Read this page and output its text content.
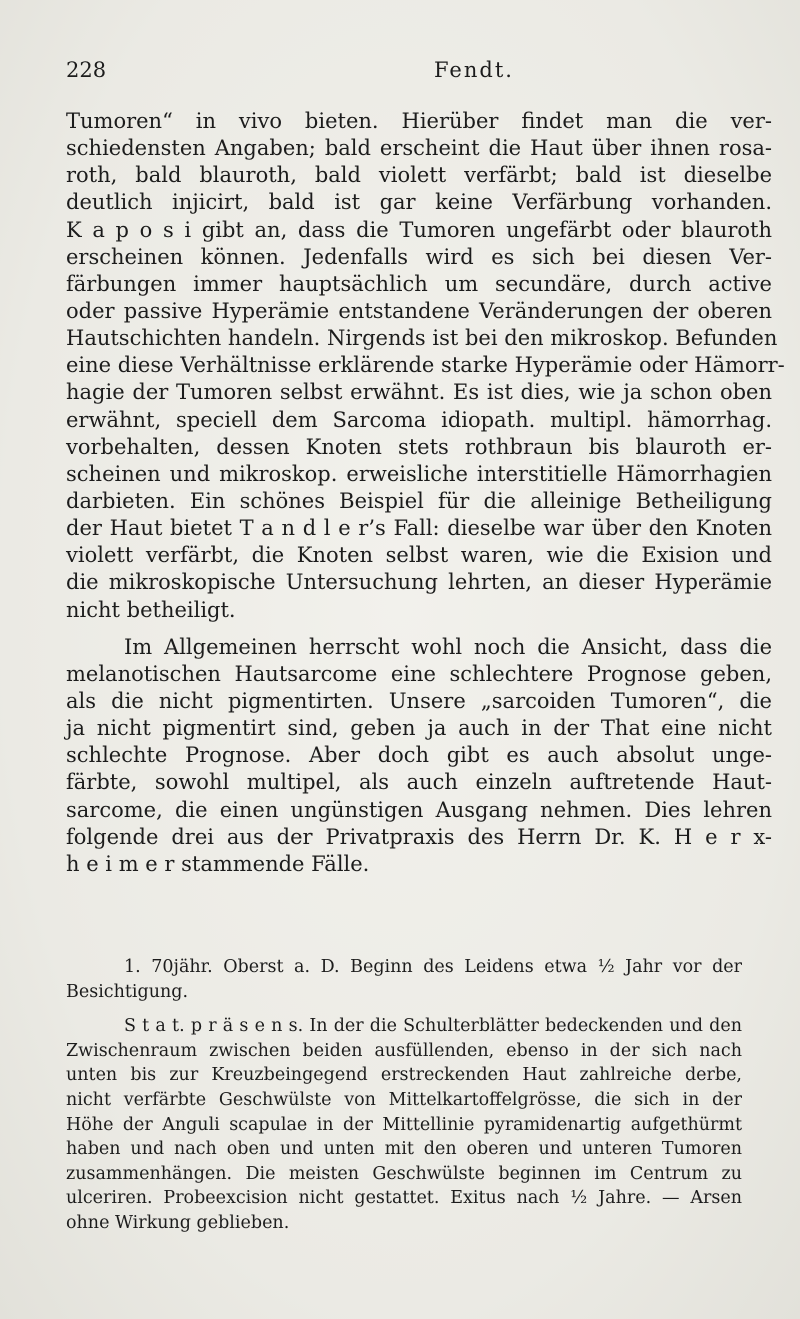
228	Fendt.
Tumoren“ in vivo bieten. Hierüber findet man die ver-
schiedensten Angaben; bald erscheint die Haut über ihnen rosa-
roth, bald blauroth, bald violett verfärbt; bald ist dieselbe
deutlich injicirt, bald ist gar keine Verfärbung vorhanden.
K a p o s i gibt an, dass die Tumoren ungefärbt oder blauroth
erscheinen können. Jedenfalls wird es sich bei diesen Ver-
färbungen immer hauptsächlich um secundäre, durch active
oder passive Hyperämie entstandene Veränderungen der oberen
Hautschichten handeln. Nirgends ist bei den mikroskop. Befunden
eine diese Verhältnisse erklärende starke Hyperämie oder Hämorr-
hagie der Tumoren selbst erwähnt. Es ist dies, wie ja schon oben
erwähnt, speciell dem Sarcoma idiopath. multipl. hämorrhag.
vorbehalten, dessen Knoten stets rothbraun bis blauroth er-
scheinen und mikroskop. erweisliche interstitielle Hämorrhagien
darbieten. Ein schönes Beispiel für die alleinige Betheiligung
der Haut bietet T a n d l e r’s Fall: dieselbe war über den Knoten
violett verfärbt, die Knoten selbst waren, wie die Exision und
die mikroskopische Untersuchung lehrten, an dieser Hyperämie
nicht betheiligt.
Im Allgemeinen herrscht wohl noch die Ansicht, dass die
melanotischen Hautsarcome eine schlechtere Prognose geben,
als die nicht pigmentirten. Unsere „sarcoiden Tumoren“, die
ja nicht pigmentirt sind, geben ja auch in der That eine nicht
schlechte Prognose. Aber doch gibt es auch absolut unge-
färbte, sowohl multipel, als auch einzeln auftretende Haut-
sarcome, die einen ungünstigen Ausgang nehmen. Dies lehren
folgende drei aus der Privatpraxis des Herrn Dr. K. H e r x-
h e i m e r stammende Fälle.
1. 70jähr. Oberst a. D. Beginn des Leidens etwa ½ Jahr vor der
Besichtigung.
S t a t. p r ä s e n s. In der die Schulterblätter bedeckenden und den
Zwischenraum zwischen beiden ausfüllenden, ebenso in der sich nach
unten bis zur Kreuzbeingegend erstreckenden Haut zahlreiche derbe,
nicht verfärbte Geschwülste von Mittelkartoffelgrösse, die sich in der
Höhe der Anguli scapulae in der Mittellinie pyramidenartig aufgethürmt
haben und nach oben und unten mit den oberen und unteren Tumoren
zusammenhängen. Die meisten Geschwülste beginnen im Centrum zu
ulceriren. Probeexcision nicht gestattet. Exitus nach ½ Jahre. — Arsen
ohne Wirkung geblieben.
